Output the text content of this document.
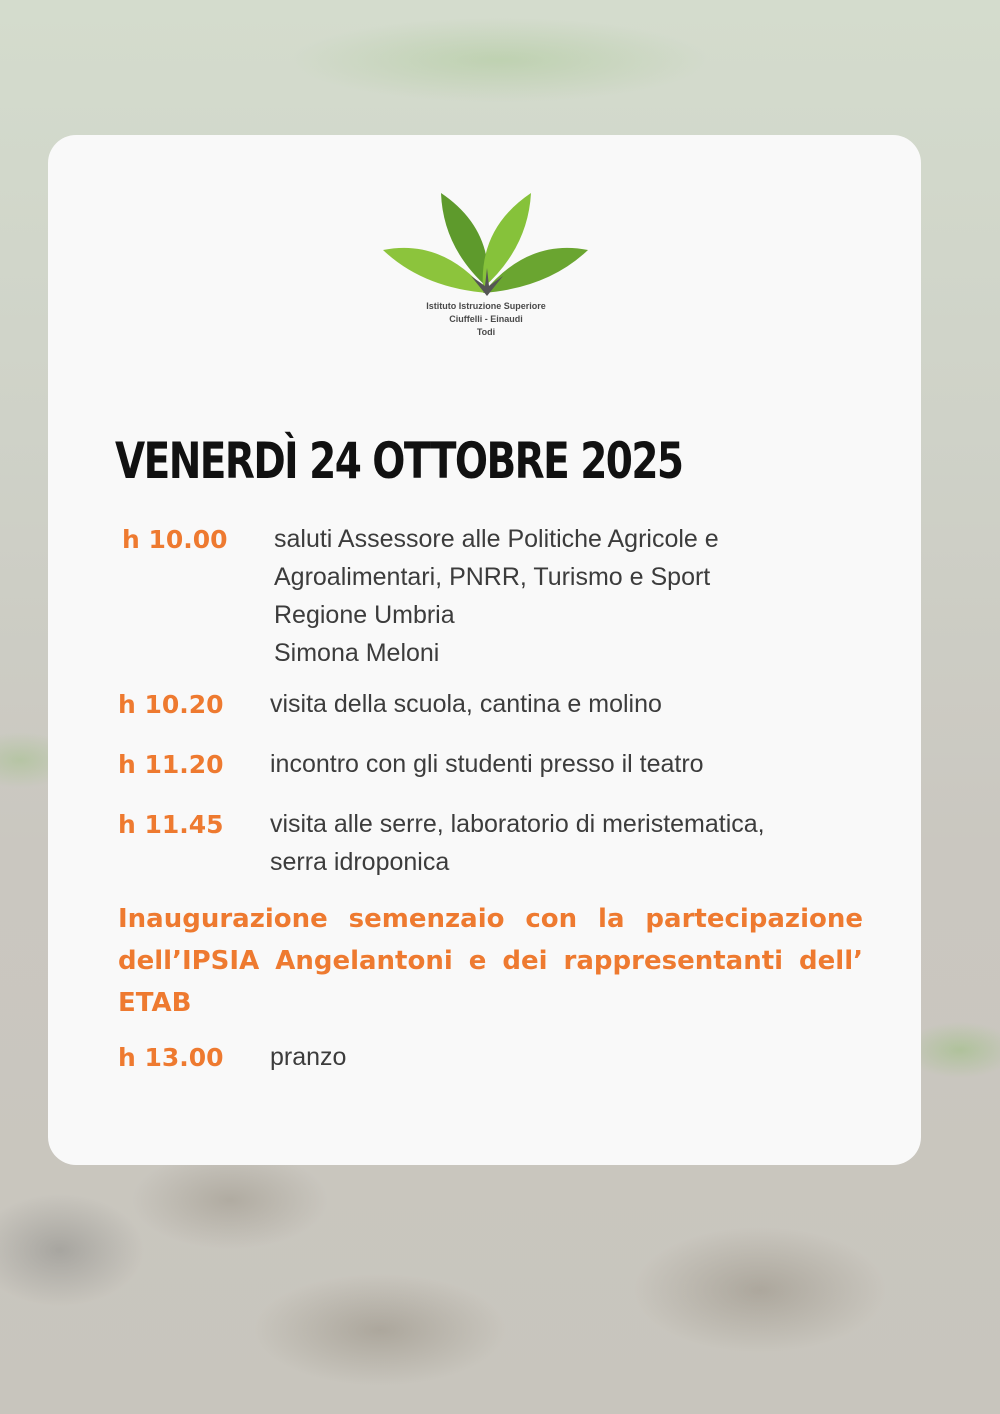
Istituto Istruzione Superiore
Ciuffelli - Einaudi
Todi
VENERDÌ 24 OTTOBRE 2025
h 10.00 saluti Assessore alle Politiche Agricole e
Agroalimentari, PNRR, Turismo e Sport
Regione Umbria
Simona Meloni
h 10.20 visita della scuola, cantina e molino
h 11.20 incontro con gli studenti presso il teatro
h 11.45 visita alle serre, laboratorio di meristematica,
serra idroponica
Inaugurazione semenzaio con la partecipazione dell’IPSIA Angelantoni e dei rappresentanti dell’ ETAB
h 13.00 pranzo
